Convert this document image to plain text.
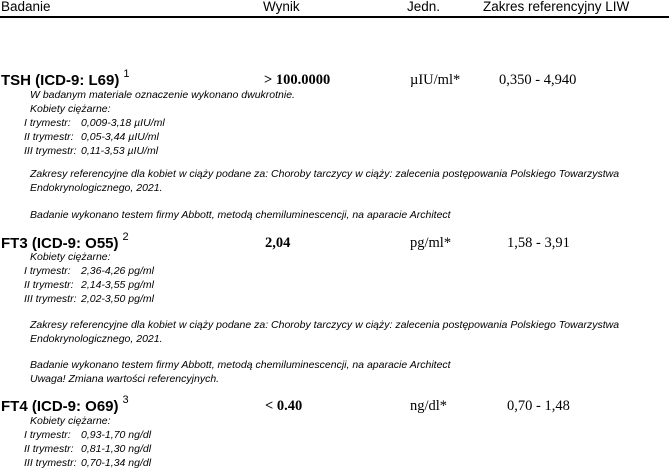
Badanie	Wynik	Jedn.	Zakres referencyjny LIW
TSH (ICD-9: L69) $^1$	> 100.0000	µIU/ml*	0,350 - 4,940
W badanym materiale oznaczenie wykonano dwukrotnie.
Kobiety ciężarne:
I trymestr: 0,009-3,18 µIU/ml
II trymestr: 0,05-3,44 µIU/ml
III trymestr: 0,11-3,53 µIU/ml
Zakresy referencyjne dla kobiet w ciąży podane za: Choroby tarczycy w ciąży: zalecenia postępowania Polskiego Towarzystwa
Endokrynologicznego, 2021.
Badanie wykonano testem firmy Abbott, metodą chemiluminescencji, na aparacie Architect
FT3 (ICD-9: O55) $^2$	2,04	pg/ml*	1,58 - 3,91
Kobiety ciężarne:
I trymestr: 2,36-4,26 pg/ml
II trymestr: 2,14-3,55 pg/ml
III trymestr: 2,02-3,50 pg/ml
Zakresy referencyjne dla kobiet w ciąży podane za: Choroby tarczycy w ciąży: zalecenia postępowania Polskiego Towarzystwa
Endokrynologicznego, 2021.
Badanie wykonano testem firmy Abbott, metodą chemiluminescencji, na aparacie Architect
Uwaga! Zmiana wartości referencyjnych.
FT4 (ICD-9: O69) $^3$	< 0.40	ng/dl*	0,70 - 1,48
Kobiety ciężarne:
I trymestr: 0,93-1,70 ng/dl
II trymestr: 0,81-1,30 ng/dl
III trymestr: 0,70-1,34 ng/dl
